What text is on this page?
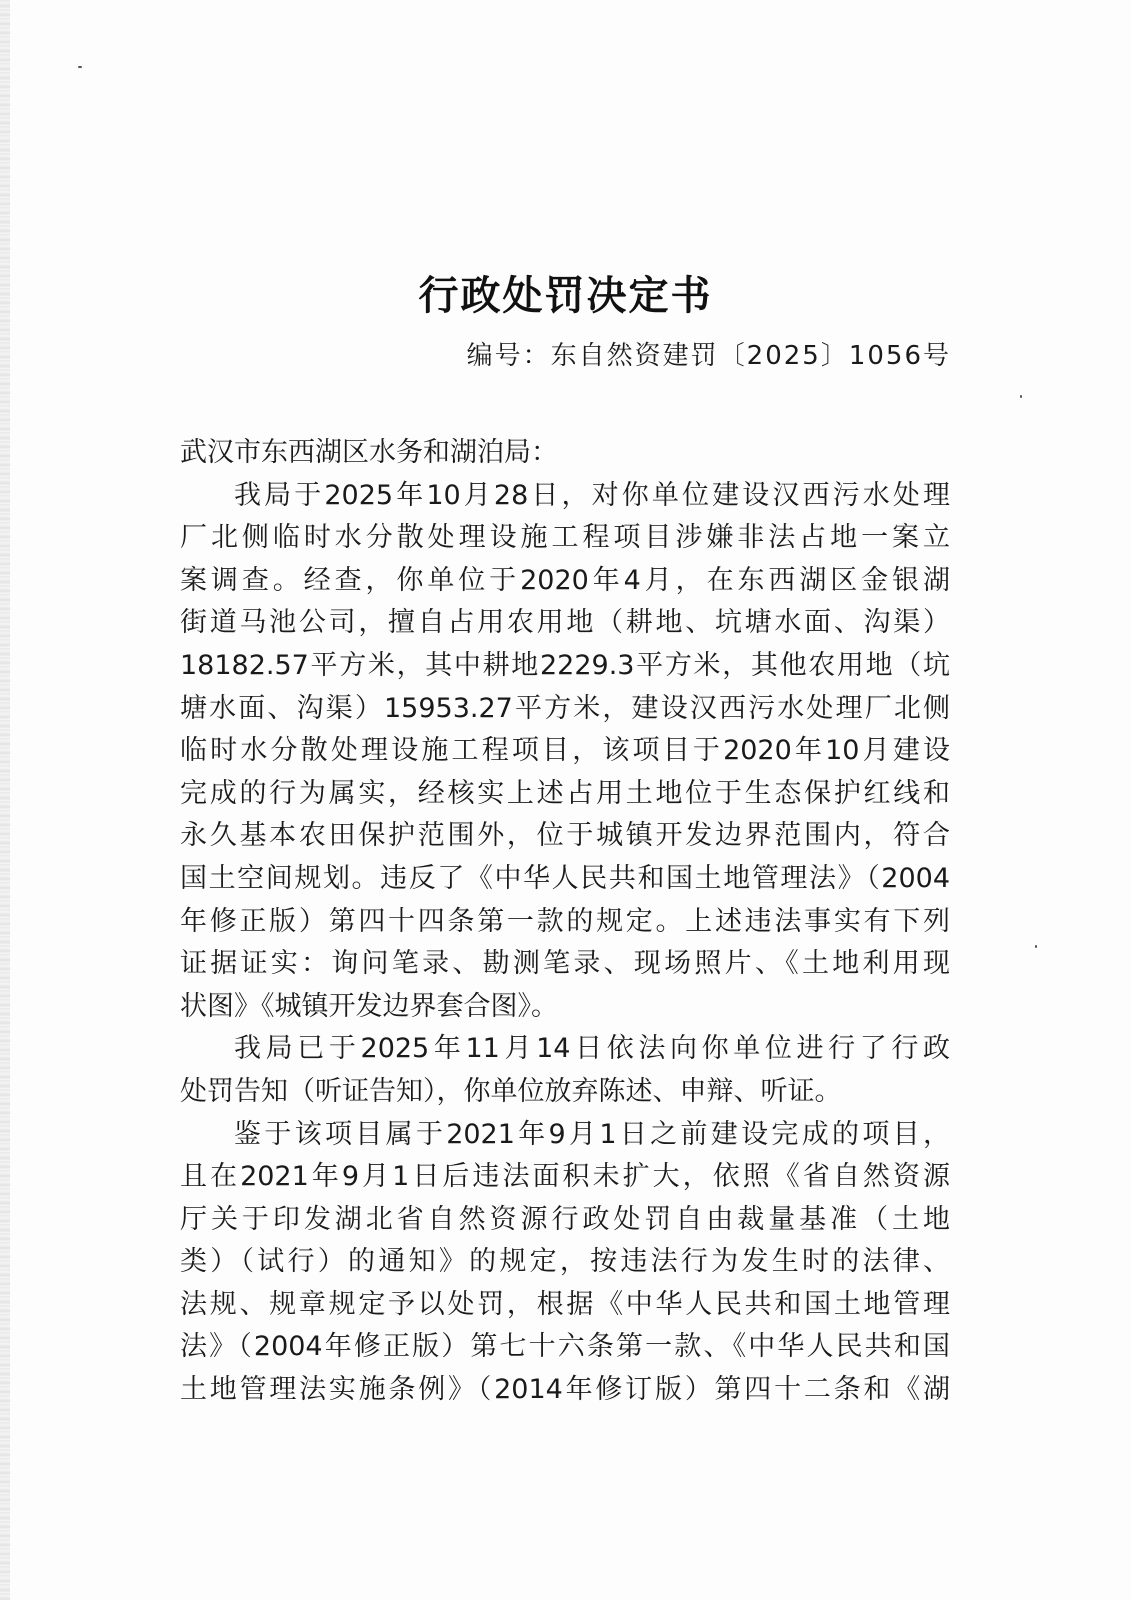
行政处罚决定书
编号：东自然资建罚〔2025〕1056号
武汉市东西湖区水务和湖泊局：
我局于2025年10月28日，对你单位建设汉西污水处理
厂北侧临时水分散处理设施工程项目涉嫌非法占地一案立
案调查。经查，你单位于2020年4月，在东西湖区金银湖
街道马池公司，擅自占用农用地（耕地、坑塘水面、沟渠）
18182.57平方米，其中耕地2229.3平方米，其他农用地（坑
塘水面、沟渠）15953.27平方米，建设汉西污水处理厂北侧
临时水分散处理设施工程项目，该项目于2020年10月建设
完成的行为属实，经核实上述占用土地位于生态保护红线和
永久基本农田保护范围外，位于城镇开发边界范围内，符合
国土空间规划。违反了《中华人民共和国土地管理法》（2004
年修正版）第四十四条第一款的规定。上述违法事实有下列
证据证实：询问笔录、勘测笔录、现场照片、《土地利用现
状图》《城镇开发边界套合图》。
我局已于2025年11月14日依法向你单位进行了行政
处罚告知（听证告知），你单位放弃陈述、申辩、听证。
鉴于该项目属于2021年9月1日之前建设完成的项目，
且在2021年9月1日后违法面积未扩大，依照《省自然资源
厅关于印发湖北省自然资源行政处罚自由裁量基准（土地
类）（试行）的通知》的规定，按违法行为发生时的法律、
法规、规章规定予以处罚，根据《中华人民共和国土地管理
法》（2004年修正版）第七十六条第一款、《中华人民共和国
土地管理法实施条例》（2014年修订版）第四十二条和《湖
